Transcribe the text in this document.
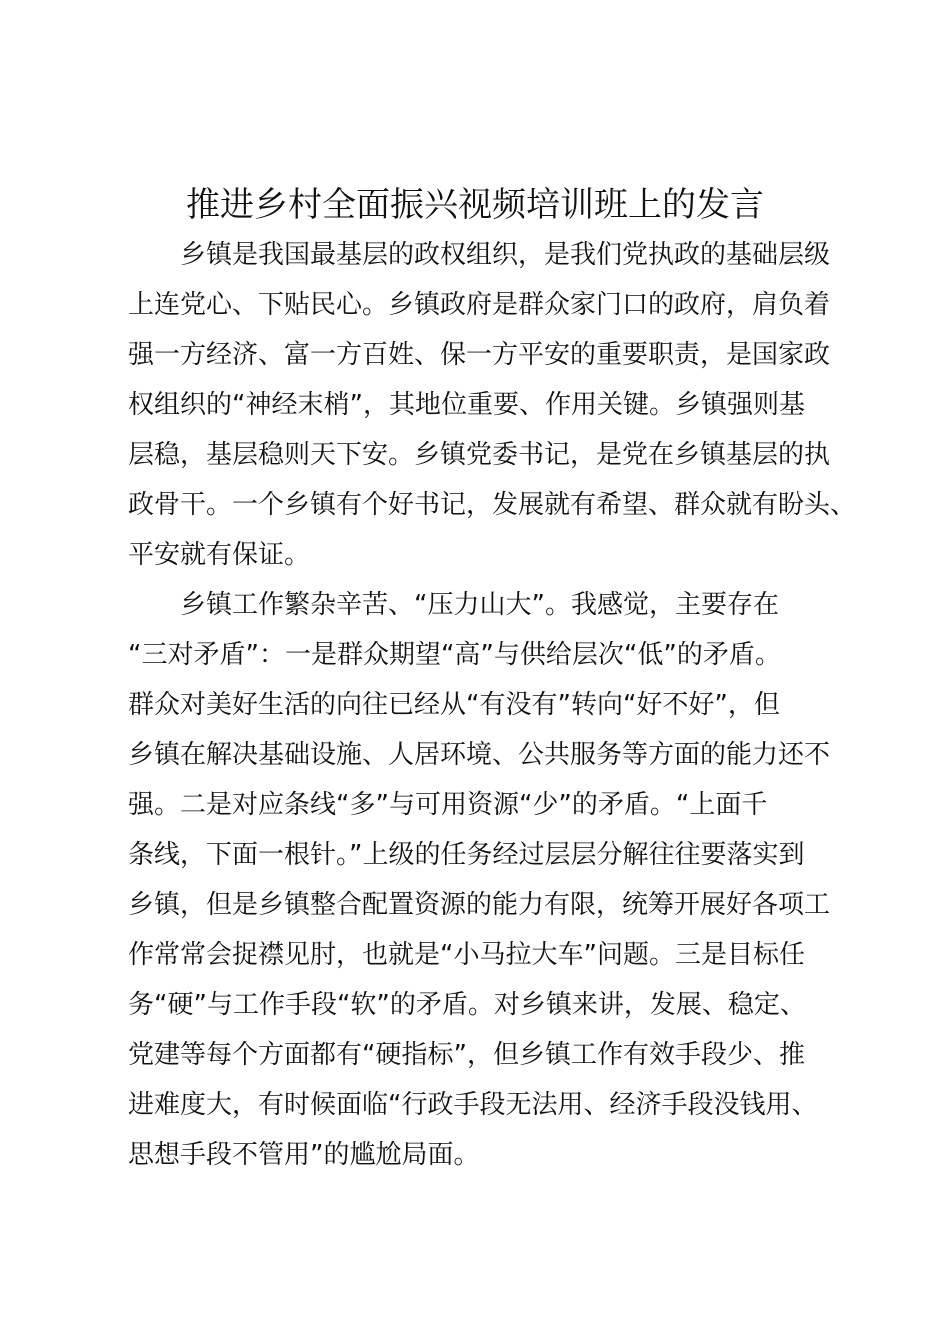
推进乡村全面振兴视频培训班上的发言

乡镇是我国最基层的政权组织，是我们党执政的基础层级

上连党心、下贴民心。乡镇政府是群众家门口的政府，肩负着

强一方经济、富一方百姓、保一方平安的重要职责，是国家政

权组织的“神经末梢”，其地位重要、作用关键。乡镇强则基

层稳，基层稳则天下安。乡镇党委书记，是党在乡镇基层的执

政骨干。一个乡镇有个好书记，发展就有希望、群众就有盼头、

平安就有保证。

乡镇工作繁杂辛苦、“压力山大”。我感觉，主要存在

“三对矛盾”：一是群众期望“高”与供给层次“低”的矛盾。

群众对美好生活的向往已经从“有没有”转向“好不好”，但

乡镇在解决基础设施、人居环境、公共服务等方面的能力还不

强。二是对应条线“多”与可用资源“少”的矛盾。“上面千

条线，下面一根针。”上级的任务经过层层分解往往要落实到

乡镇，但是乡镇整合配置资源的能力有限，统筹开展好各项工

作常常会捉襟见肘，也就是“小马拉大车”问题。三是目标任

务“硬”与工作手段“软”的矛盾。对乡镇来讲，发展、稳定、

党建等每个方面都有“硬指标”，但乡镇工作有效手段少、推

进难度大，有时候面临“行政手段无法用、经济手段没钱用、

思想手段不管用”的尴尬局面。
